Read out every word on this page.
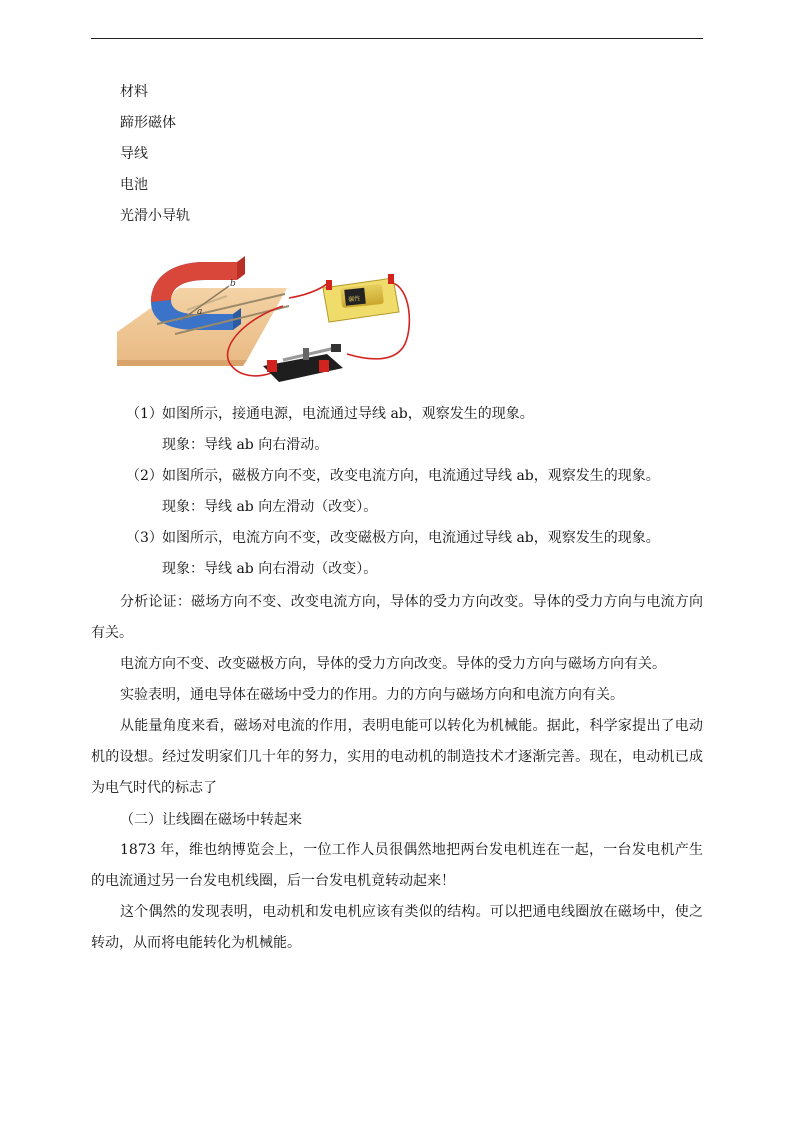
材料
蹄形磁体
导线
电池
光滑小导轨
a
b
碳性
（1） 如图所示，接通电源，电流通过导线 ab，观察发生的现象。
现象：导线 ab 向右滑动。
（2） 如图所示，磁极方向不变，改变电流方向，电流通过导线 ab，观察发生的现象。
现象：导线 ab 向左滑动（改变）。
（3） 如图所示，电流方向不变，改变磁极方向，电流通过导线 ab，观察发生的现象。
现象：导线 ab 向右滑动（改变）。
分析论证：磁场方向不变、改变电流方向，导体的受力方向改变。导体的受力方向与电流方向有关。
电流方向不变、改变磁极方向，导体的受力方向改变。导体的受力方向与磁场方向有关。
实验表明，通电导体在磁场中受力的作用。力的方向与磁场方向和电流方向有关。
从能量角度来看，磁场对电流的作用，表明电能可以转化为机械能。据此，科学家提出了电动机的设想。经过发明家们几十年的努力，实用的电动机的制造技术才逐渐完善。现在，电动机已成为电气时代的标志了
（二） 让线圈在磁场中转起来
1873 年，维也纳博览会上，一位工作人员很偶然地把两台发电机连在一起，一台发电机产生的电流通过另一台发电机线圈，后一台发电机竟转动起来！
这个偶然的发现表明，电动机和发电机应该有类似的结构。可以把通电线圈放在磁场中，使之转动，从而将电能转化为机械能。
